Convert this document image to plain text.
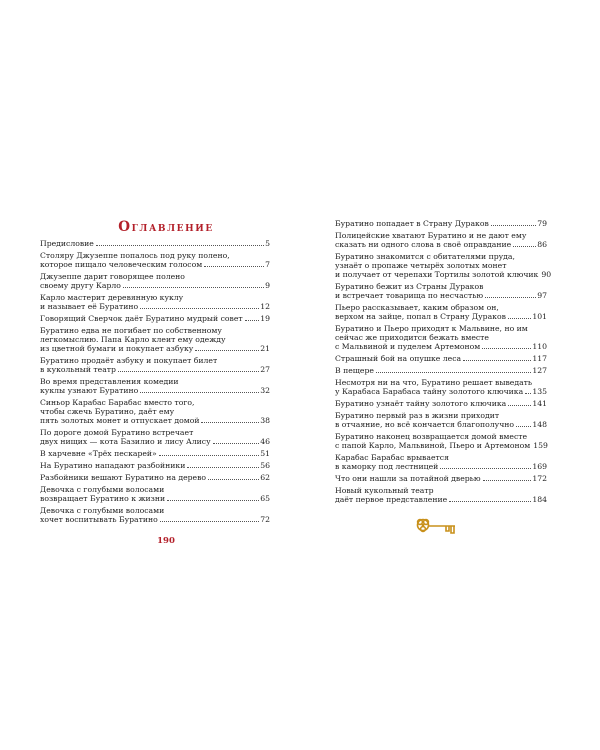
Оглавление
Предисловие	5
Столяру Джузеппе попалось под руку полено,
которое пищало человеческим голосом	7
Джузеппе дарит говорящее полено
своему другу Карло	9
Карло мастерит деревянную куклу
и называет её Буратино	12
Говорящий Сверчок даёт Буратино мудрый совет 19
Буратино едва не погибает по собственному
легкомыслию. Папа Карло клеит ему одежду
из цветной бумаги и покупает азбуку	21
Буратино продаёт азбуку и покупает билет
в кукольный театр	27
Во время представления комедии
куклы узнают Буратино	32
Синьор Карабас Барабас вместо того,
чтобы сжечь Буратино, даёт ему
пять золотых монет и отпускает домой	38
По дороге домой Буратино встречает
двух нищих — кота Базилио и лису Алису	46
В харчевне «Трёх пескарей»	51
На Буратино нападают разбойники	56
Разбойники вешают Буратино на дерево	62
Девочка с голубыми волосами
возвращает Буратино к жизни	65
Девочка с голубыми волосами
хочет воспитывать Буратино	72
Буратино попадает в Страну Дураков	79
Полицейские хватают Буратино и не дают ему
сказать ни одного слова в своё оправдание	86
Буратино знакомится с обитателями пруда,
узнаёт о пропаже четырёх золотых монет
и получает от черепахи Тортилы золотой ключик 90
Буратино бежит из Страны Дураков
и встречает товарища по несчастью	97
Пьеро рассказывает, каким образом он,
верхом на зайце, попал в Страну Дураков	101
Буратино и Пьеро приходят к Мальвине, но им
сейчас же приходится бежать вместе
с Мальвиной и пуделем Артемоном	110
Страшный бой на опушке леса	117
В пещере	127
Несмотря ни на что, Буратино решает выведать
у Карабаса Барабаса тайну золотого ключика 135
Буратино узнаёт тайну золотого ключика	141
Буратино первый раз в жизни приходит
в отчаяние, но всё кончается благополучно 148
Буратино наконец возвращается домой вместе
с папой Карло, Мальвиной, Пьеро и Артемоном 159
Карабас Барабас врывается
в каморку под лестницей	169
Что они нашли за потайной дверью	172
Новый кукольный театр
даёт первое представление	184
190
